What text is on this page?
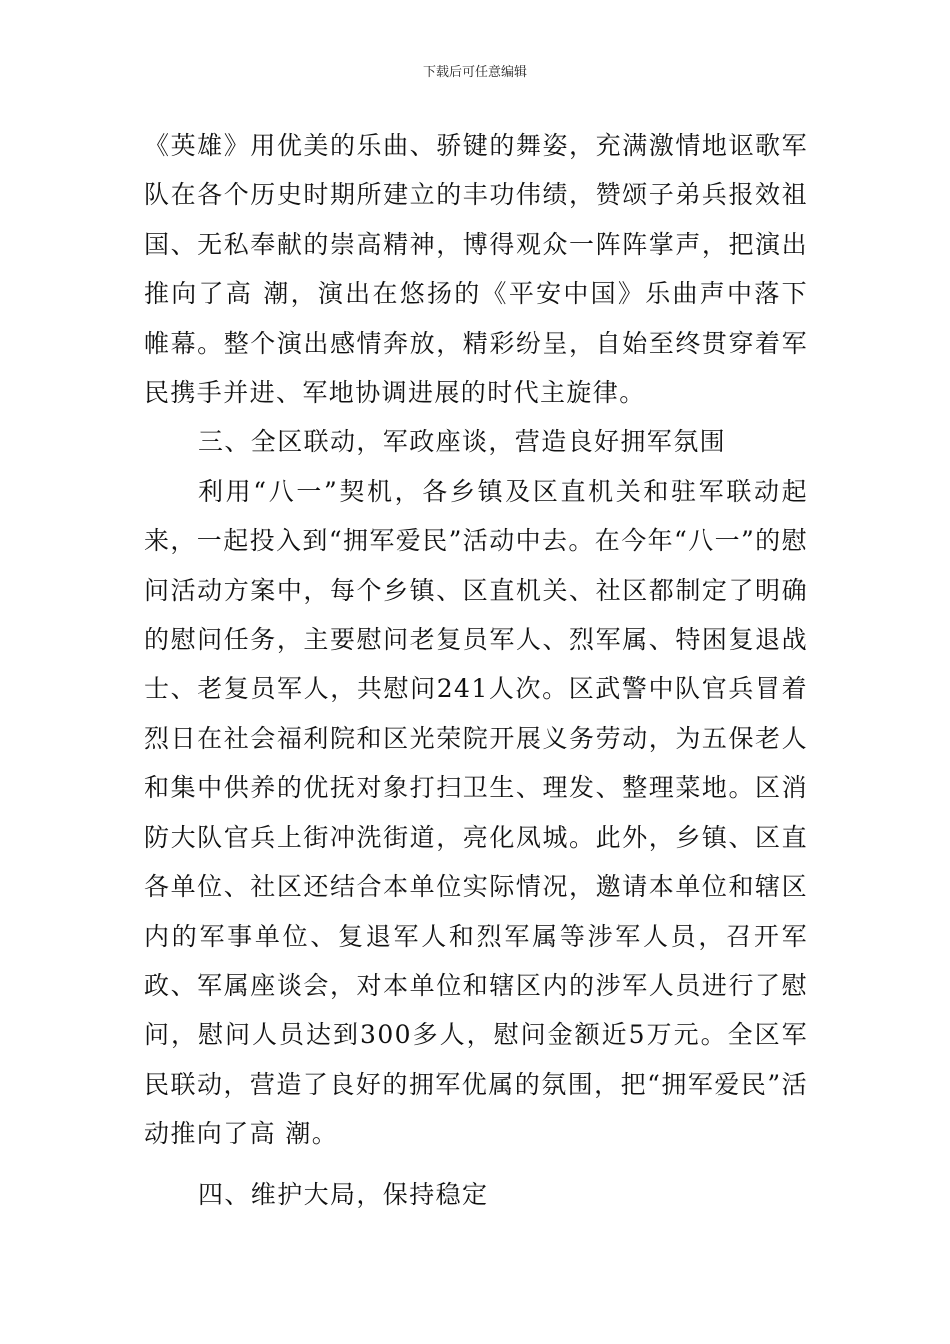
下载后可任意编辑

《英雄》用优美的乐曲、骄键的舞姿，充满激情地讴歌军队在各个历史时期所建立的丰功伟绩，赞颂子弟兵报效祖国、无私奉献的崇高精神，博得观众一阵阵掌声，把演出推向了高 潮，演出在悠扬的《平安中国》乐曲声中落下帷幕。整个演出感情奔放，精彩纷呈，自始至终贯穿着军民携手并进、军地协调进展的时代主旋律。

三、全区联动，军政座谈，营造良好拥军氛围

利用“八一”契机，各乡镇及区直机关和驻军联动起来，一起投入到“拥军爱民”活动中去。在今年“八一”的慰问活动方案中，每个乡镇、区直机关、社区都制定了明确的慰问任务，主要慰问老复员军人、烈军属、特困复退战士、老复员军人，共慰问241人次。区武警中队官兵冒着烈日在社会福利院和区光荣院开展义务劳动，为五保老人和集中供养的优抚对象打扫卫生、理发、整理菜地。区消防大队官兵上街冲洗街道，亮化凤城。此外，乡镇、区直各单位、社区还结合本单位实际情况，邀请本单位和辖区内的军事单位、复退军人和烈军属等涉军人员，召开军政、军属座谈会，对本单位和辖区内的涉军人员进行了慰问，慰问人员达到300多人，慰问金额近5万元。全区军民联动，营造了良好的拥军优属的氛围，把“拥军爱民”活动推向了高 潮。

四、维护大局，保持稳定
